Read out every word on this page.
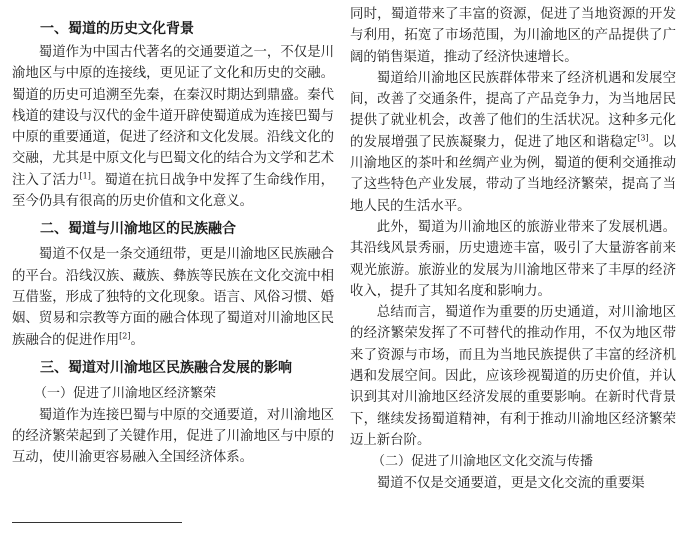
一、蜀道的历史文化背景

蜀道作为中国古代著名的交通要道之一，不仅是川渝地区与中原的连接线，更见证了文化和历史的交融。蜀道的历史可追溯至先秦，在秦汉时期达到鼎盛。秦代栈道的建设与汉代的金牛道开辟使蜀道成为连接巴蜀与中原的重要通道，促进了经济和文化发展。沿线文化的交融，尤其是中原文化与巴蜀文化的结合为文学和艺术注入了活力[1]。蜀道在抗日战争中发挥了生命线作用，至今仍具有很高的历史价值和文化意义。

二、蜀道与川渝地区的民族融合

蜀道不仅是一条交通纽带，更是川渝地区民族融合的平台。沿线汉族、藏族、彝族等民族在文化交流中相互借鉴，形成了独特的文化现象。语言、风俗习惯、婚姻、贸易和宗教等方面的融合体现了蜀道对川渝地区民族融合的促进作用[2]。

三、蜀道对川渝地区民族融合发展的影响
（一）促进了川渝地区经济繁荣

蜀道作为连接巴蜀与中原的交通要道，对川渝地区的经济繁荣起到了关键作用，促进了川渝地区与中原的互动，使川渝更容易融入全国经济体系。

同时，蜀道带来了丰富的资源，促进了当地资源的开发与利用，拓宽了市场范围，为川渝地区的产品提供了广阔的销售渠道，推动了经济快速增长。

蜀道给川渝地区民族群体带来了经济机遇和发展空间，改善了交通条件，提高了产品竞争力，为当地居民提供了就业机会，改善了他们的生活状况。这种多元化的发展增强了民族凝聚力，促进了地区和谐稳定[3]。以川渝地区的茶叶和丝绸产业为例，蜀道的便利交通推动了这些特色产业发展，带动了当地经济繁荣，提高了当地人民的生活水平。

此外，蜀道为川渝地区的旅游业带来了发展机遇。其沿线风景秀丽，历史遗迹丰富，吸引了大量游客前来观光旅游。旅游业的发展为川渝地区带来了丰厚的经济收入，提升了其知名度和影响力。

总结而言，蜀道作为重要的历史通道，对川渝地区的经济繁荣发挥了不可替代的推动作用，不仅为地区带来了资源与市场，而且为当地民族提供了丰富的经济机遇和发展空间。因此，应该珍视蜀道的历史价值，并认识到其对川渝地区经济发展的重要影响。在新时代背景下，继续发扬蜀道精神，有利于推动川渝地区经济繁荣迈上新台阶。

（二）促进了川渝地区文化交流与传播

蜀道不仅是交通要道，更是文化交流的重要渠
